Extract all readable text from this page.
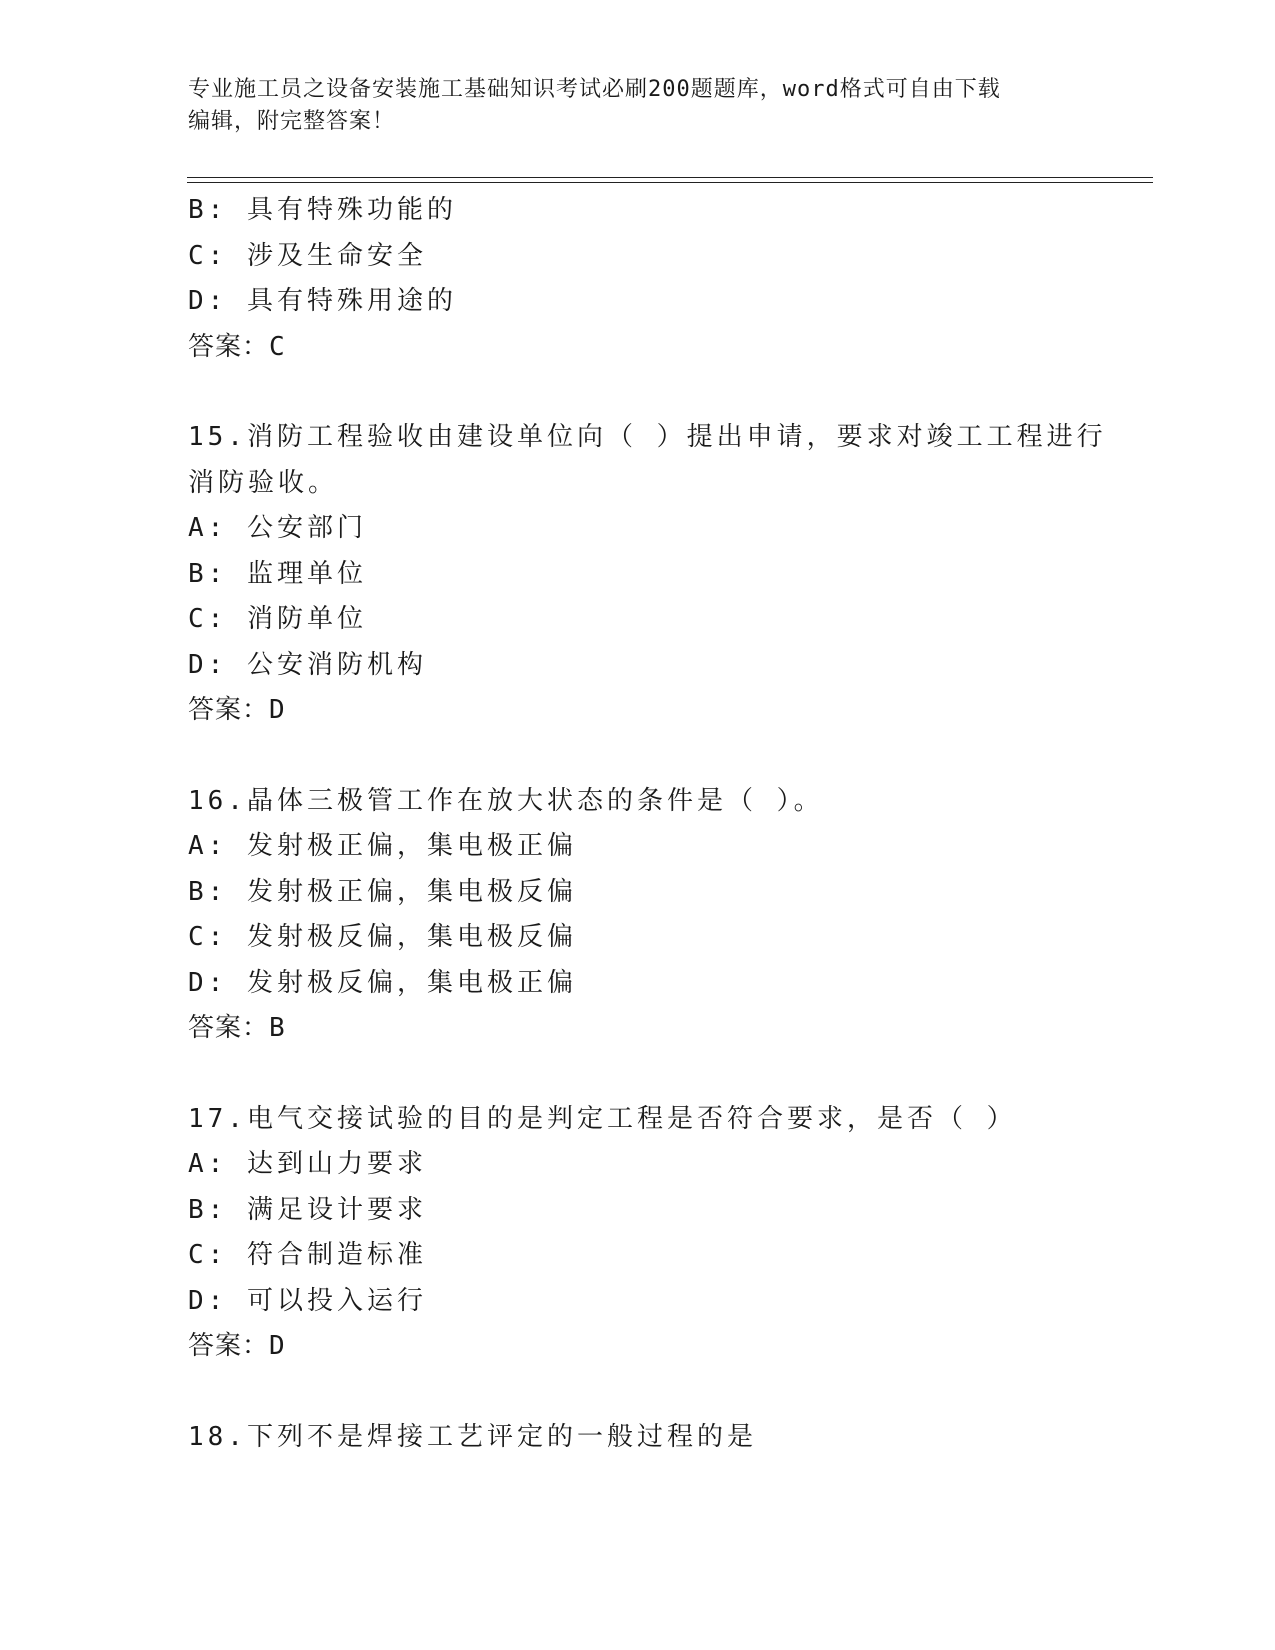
专业施工员之设备安装施工基础知识考试必刷200题题库，word格式可自由下载
编辑，附完整答案！
B: 具有特殊功能的
C: 涉及生命安全
D: 具有特殊用途的
答案：C
15.消防工程验收由建设单位向（ ）提出申请，要求对竣工工程进行
消防验收。
A: 公安部门
B: 监理单位
C: 消防单位
D: 公安消防机构
答案：D
16.晶体三极管工作在放大状态的条件是（ ）。
A: 发射极正偏，集电极正偏
B: 发射极正偏，集电极反偏
C: 发射极反偏，集电极反偏
D: 发射极反偏，集电极正偏
答案：B
17.电气交接试验的目的是判定工程是否符合要求，是否（ ）
A: 达到山力要求
B: 满足设计要求
C: 符合制造标准
D: 可以投入运行
答案：D
18.下列不是焊接工艺评定的一般过程的是
